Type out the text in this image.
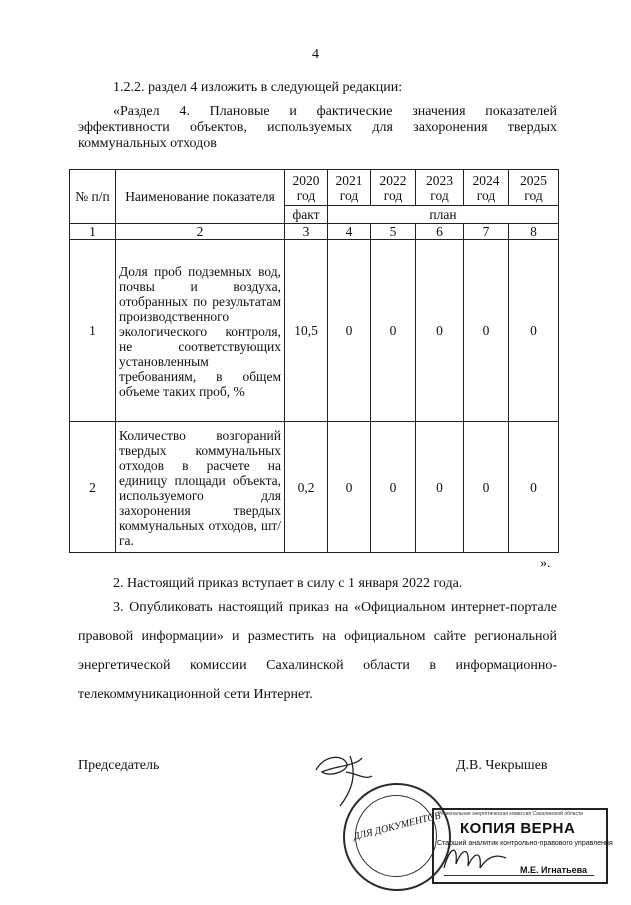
4
1.2.2. раздел 4 изложить в следующей редакции:
«Раздел 4. Плановые и фактические значения показателей
эффективности объектов, используемых для захоронения твердых
коммунальных отходов
№ п/п	Наименование показателя	2020 год	2021 год	2022 год	2023 год	2024 год	2025 год
		факт	план				
1	2	3	4	5	6	7	8
1	Доля проб подземных вод, почвы и воздуха, отобранных по результатам производственного экологического контроля, не соответствующих установленным требованиям, в общем объеме таких проб, %	10,5	0	0	0	0	0
2	Количество возгораний твердых коммунальных отходов в расчете на единицу площади объекта, используемого для захоронения твердых коммунальных отходов, шт/га.	0,2	0	0	0	0	0
».
2. Настоящий приказ вступает в силу с 1 января 2022 года.
3. Опубликовать настоящий приказ на «Официальном интернет-портале правовой информации» и разместить на официальном сайте региональной энергетической комиссии Сахалинской области в информационно-телекоммуникационной сети Интернет.
Председатель	Д.В. Чекрышев
ДЛЯ ДОКУМЕНТОВ
Региональная энергетическая комиссия Сахалинской области
КОПИЯ ВЕРНА
Старший аналитик контрольно-правового управления
М.Е. Игнатьева
